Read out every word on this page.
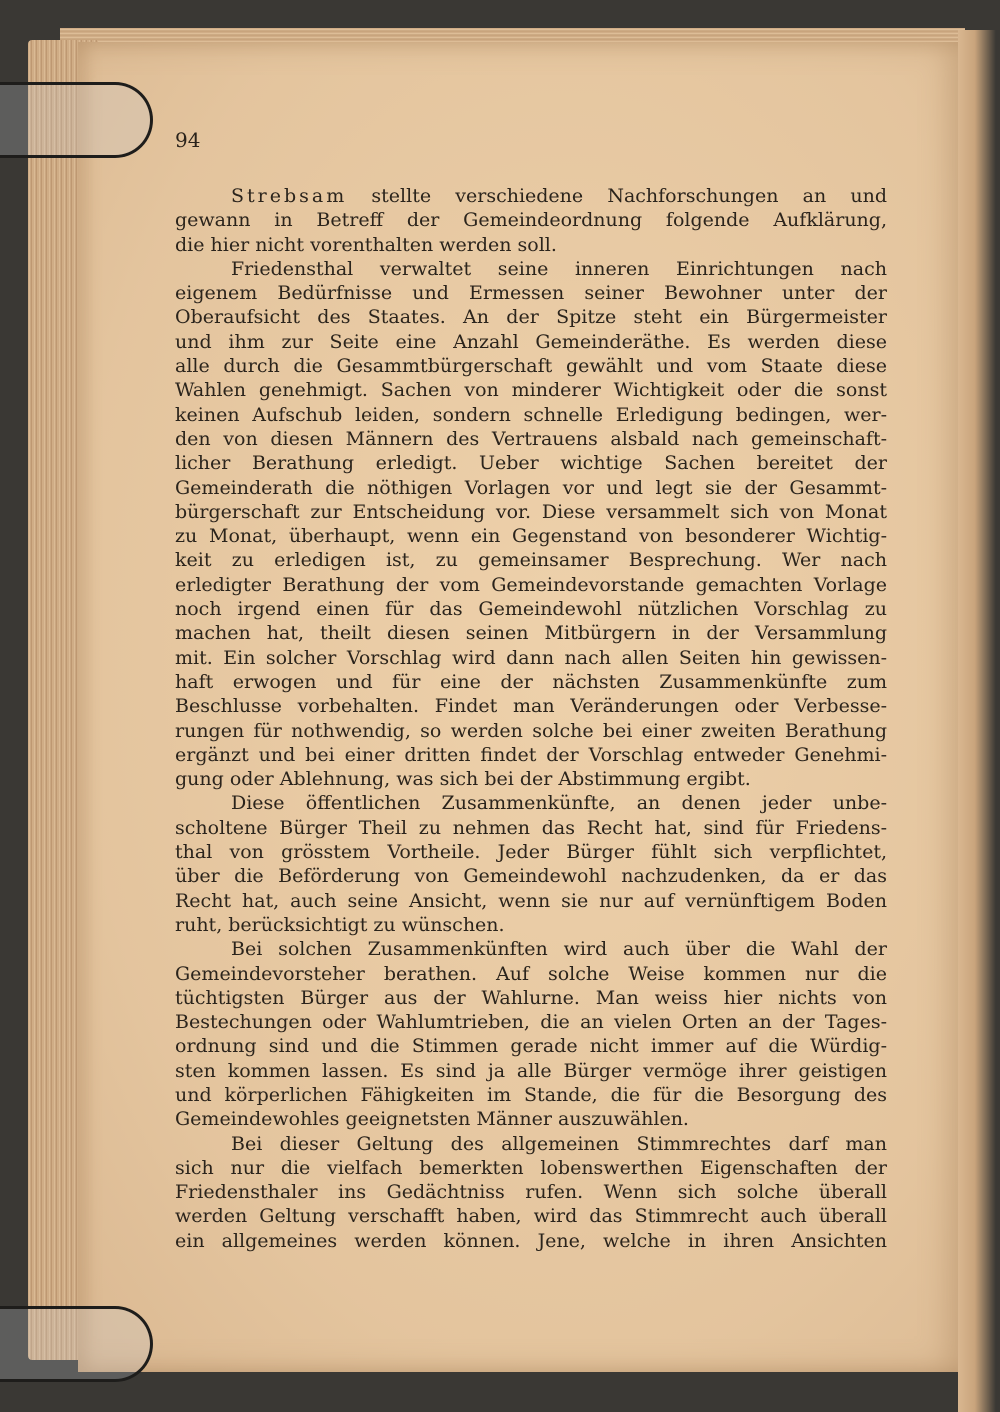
94
Strebsam stellte verschiedene Nachforschungen an und
gewann in Betreff der Gemeindeordnung folgende Aufklärung,
die hier nicht vorenthalten werden soll.
Friedensthal verwaltet seine inneren Einrichtungen nach
eigenem Bedürfnisse und Ermessen seiner Bewohner unter der
Oberaufsicht des Staates. An der Spitze steht ein Bürgermeister
und ihm zur Seite eine Anzahl Gemeinderäthe. Es werden diese
alle durch die Gesammtbürgerschaft gewählt und vom Staate diese
Wahlen genehmigt. Sachen von minderer Wichtigkeit oder die sonst
keinen Aufschub leiden, sondern schnelle Erledigung bedingen, wer-
den von diesen Männern des Vertrauens alsbald nach gemeinschaft-
licher Berathung erledigt. Ueber wichtige Sachen bereitet der
Gemeinderath die nöthigen Vorlagen vor und legt sie der Gesammt-
bürgerschaft zur Entscheidung vor. Diese versammelt sich von Monat
zu Monat, überhaupt, wenn ein Gegenstand von besonderer Wichtig-
keit zu erledigen ist, zu gemeinsamer Besprechung. Wer nach
erledigter Berathung der vom Gemeindevorstande gemachten Vorlage
noch irgend einen für das Gemeindewohl nützlichen Vorschlag zu
machen hat, theilt diesen seinen Mitbürgern in der Versammlung
mit. Ein solcher Vorschlag wird dann nach allen Seiten hin gewissen-
haft erwogen und für eine der nächsten Zusammenkünfte zum
Beschlusse vorbehalten. Findet man Veränderungen oder Verbesse-
rungen für nothwendig, so werden solche bei einer zweiten Berathung
ergänzt und bei einer dritten findet der Vorschlag entweder Genehmi-
gung oder Ablehnung, was sich bei der Abstimmung ergibt.
Diese öffentlichen Zusammenkünfte, an denen jeder unbe-
scholtene Bürger Theil zu nehmen das Recht hat, sind für Friedens-
thal von grösstem Vortheile. Jeder Bürger fühlt sich verpflichtet,
über die Beförderung von Gemeindewohl nachzudenken, da er das
Recht hat, auch seine Ansicht, wenn sie nur auf vernünftigem Boden
ruht, berücksichtigt zu wünschen.
Bei solchen Zusammenkünften wird auch über die Wahl der
Gemeindevorsteher berathen. Auf solche Weise kommen nur die
tüchtigsten Bürger aus der Wahlurne. Man weiss hier nichts von
Bestechungen oder Wahlumtrieben, die an vielen Orten an der Tages-
ordnung sind und die Stimmen gerade nicht immer auf die Würdig-
sten kommen lassen. Es sind ja alle Bürger vermöge ihrer geistigen
und körperlichen Fähigkeiten im Stande, die für die Besorgung des
Gemeindewohles geeignetsten Männer auszuwählen.
Bei dieser Geltung des allgemeinen Stimmrechtes darf man
sich nur die vielfach bemerkten lobenswerthen Eigenschaften der
Friedensthaler ins Gedächtniss rufen. Wenn sich solche überall
werden Geltung verschafft haben, wird das Stimmrecht auch überall
ein allgemeines werden können. Jene, welche in ihren Ansichten
